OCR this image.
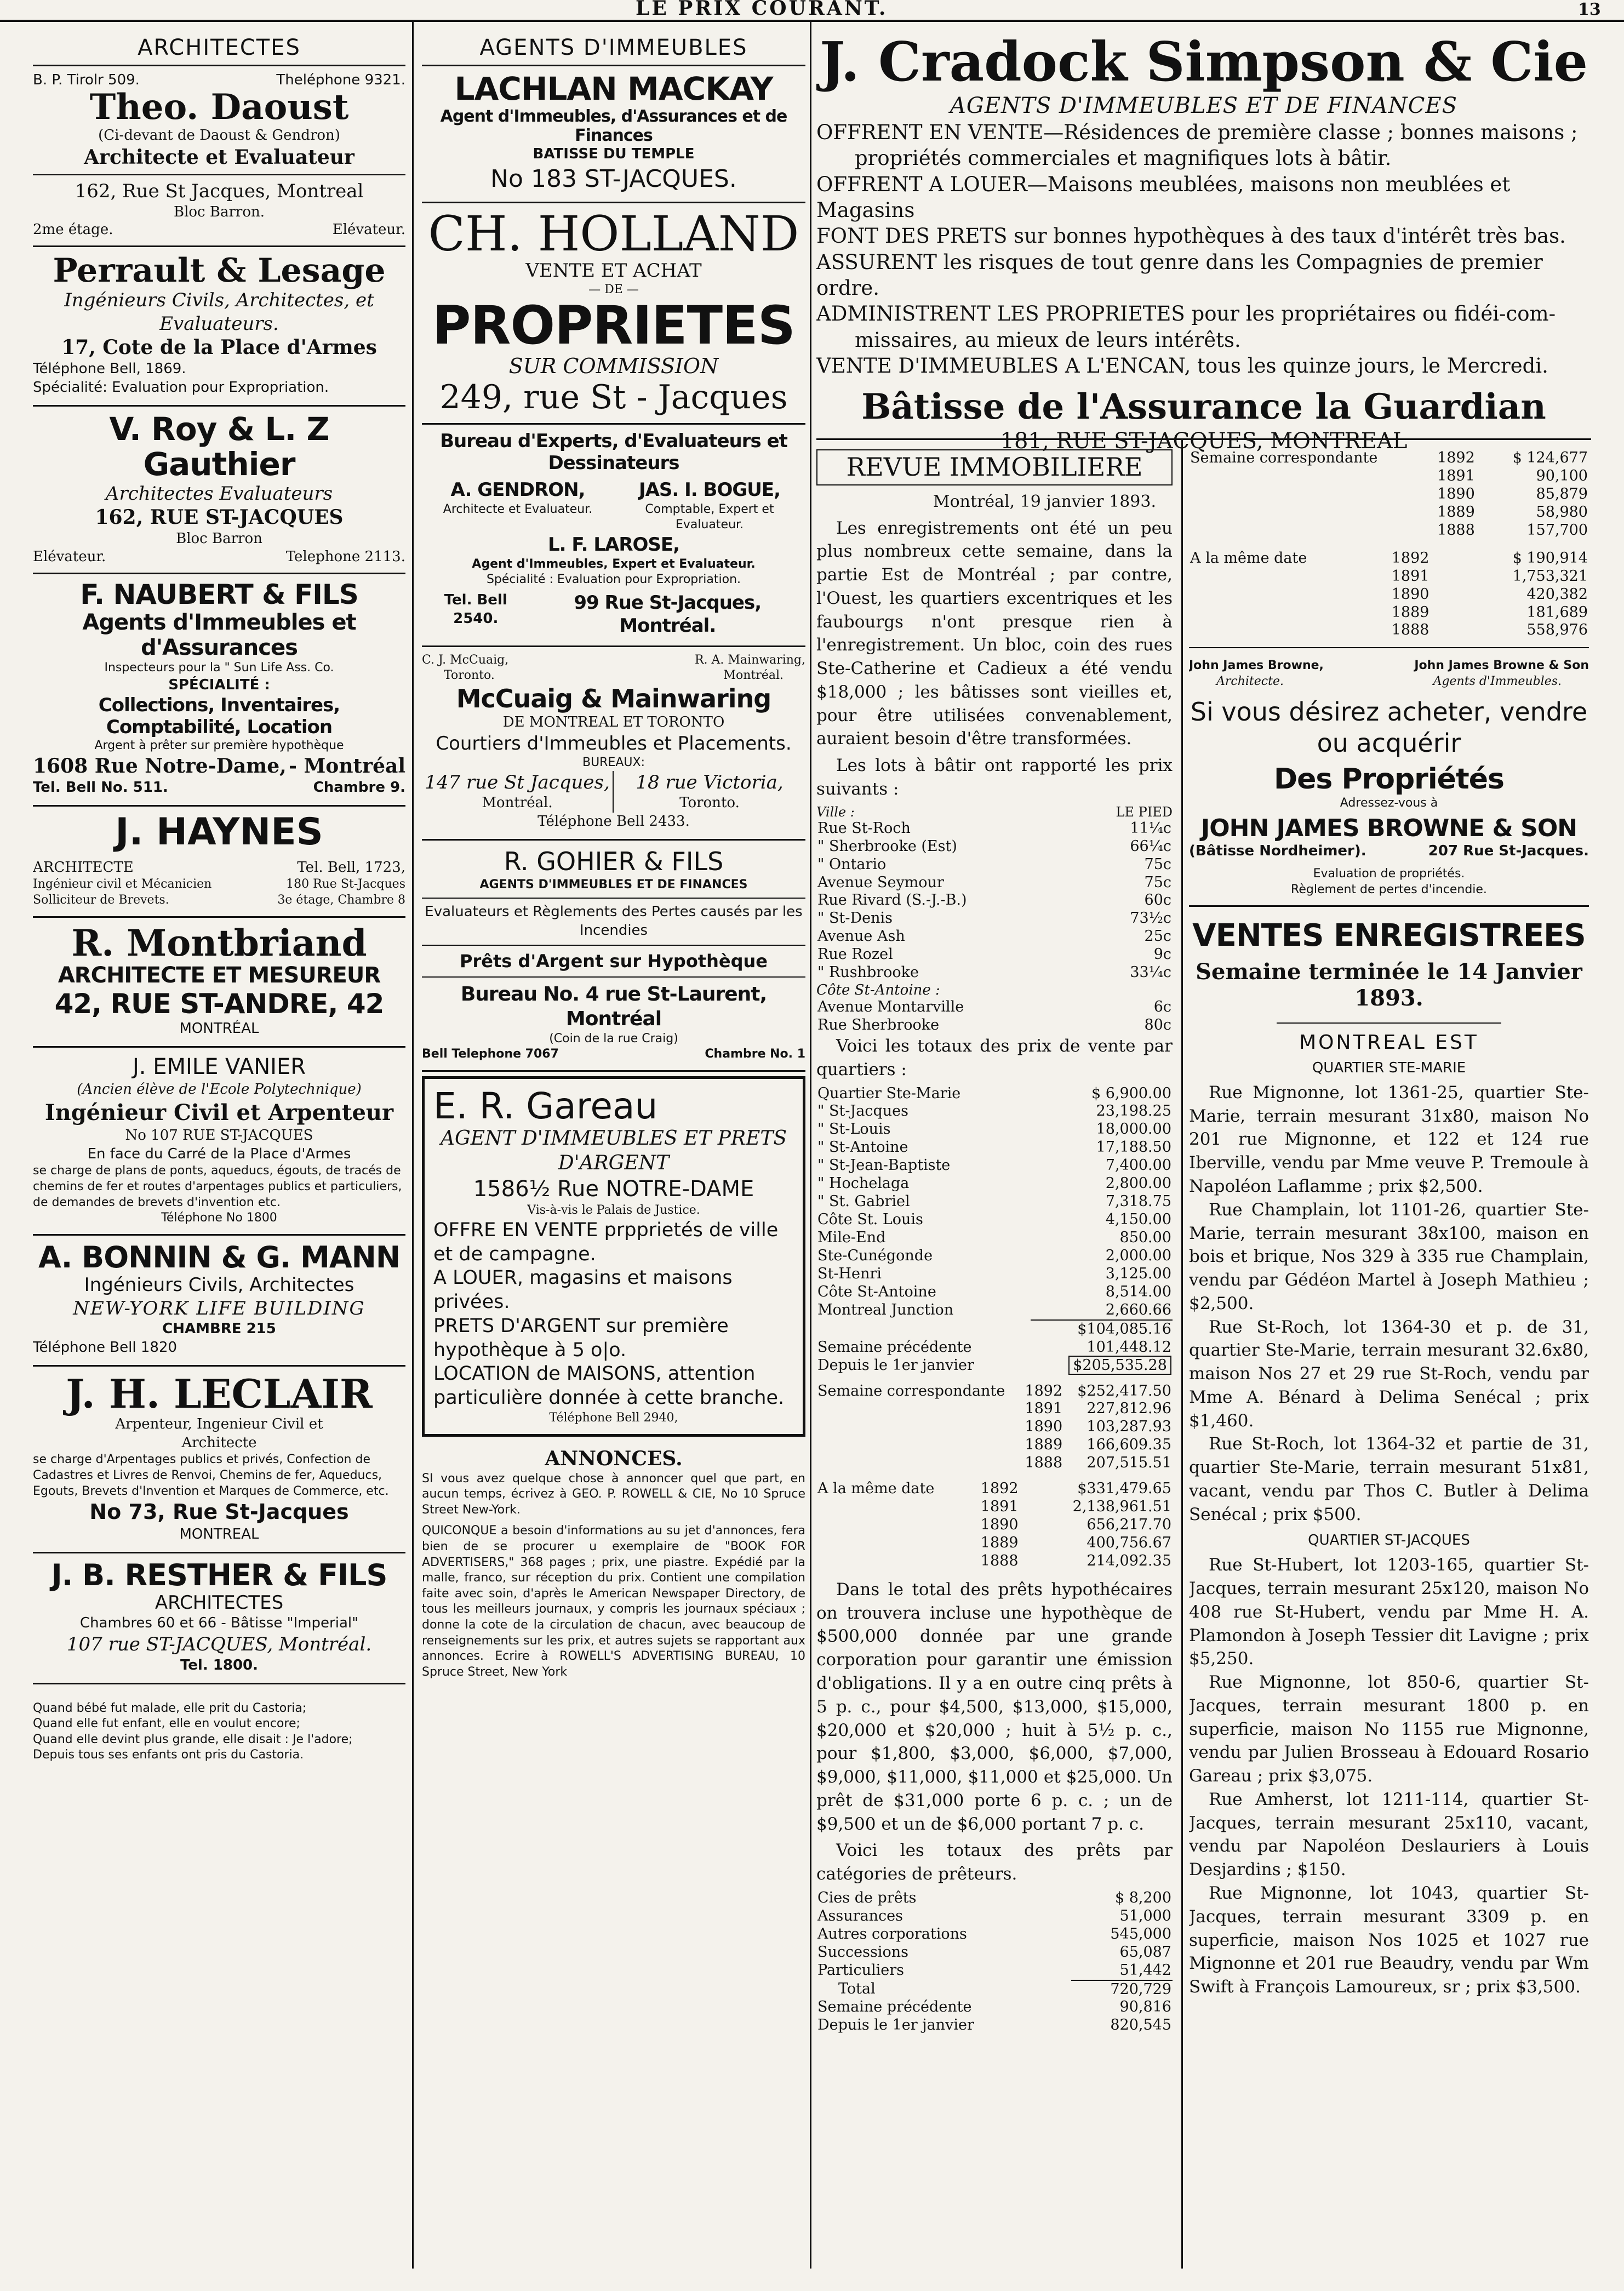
LE PRIX COURANT.	13
ARCHITECTES
B. P. Tirolr 509.	Theléphone 9321.
Theo. Daoust
(Ci-devant de Daoust & Gendron)
Architecte et Evaluateur
162, Rue St Jacques, Montreal
Bloc Barron.
2me étage.	Elévateur.
Perrault & Lesage
Ingénieurs Civils, Architectes, et Evaluateurs.
17, Cote de la Place d'Armes
Téléphone Bell, 1869.
Spécialité: Evaluation pour Expropriation.
V. Roy & L. Z Gauthier
Architectes Evaluateurs
162, RUE ST-JACQUES
Bloc Barron
Elévateur.	Telephone 2113.
F. NAUBERT & FILS
Agents d'Immeubles et d'Assurances
Inspecteurs pour la " Sun Life Ass. Co.
SPÉCIALITÉ :
Collections, Inventaires, Comptabilité, Location
Argent à prêter sur première hypothèque
1608 Rue Notre-Dame, - Montréal
Tel. Bell No. 511.	Chambre 9.
J. HAYNES
ARCHITECTE	Tel. Bell, 1723,
Ingénieur civil et Mécanicien	180 Rue St-Jacques
Solliciteur de Brevets.	3e étage, Chambre 8
R. Montbriand
ARCHITECTE ET MESUREUR
42, RUE ST-ANDRE, 42
MONTRÉAL
J. EMILE VANIER
(Ancien élève de l'Ecole Polytechnique)
Ingénieur Civil et Arpenteur
No 107 RUE ST-JACQUES
En face du Carré de la Place d'Armes
se charge de plans de ponts, aqueducs, égouts, de tracés de chemins de fer et routes d'arpentages publics et particuliers, de demandes de brevets d'invention etc.
Téléphone No 1800
A. BONNIN & G. MANN
Ingénieurs Civils, Architectes
NEW-YORK LIFE BUILDING
CHAMBRE 215
Téléphone Bell 1820
J. H. LECLAIR
Arpenteur, Ingenieur Civil et
Architecte
se charge d'Arpentages publics et privés, Confection de Cadastres et Livres de Renvoi, Chemins de fer, Aqueducs, Egouts, Brevets d'Invention et Marques de Commerce, etc.
No 73, Rue St-Jacques
MONTREAL
J. B. RESTHER & FILS
ARCHITECTES
Chambres 60 et 66 - Bâtisse "Imperial"
107 rue ST-JACQUES, Montréal.
Tel. 1800.
Quand bébé fut malade, elle prit du Castoria;
Quand elle fut enfant, elle en voulut encore;
Quand elle devint plus grande, elle disait : Je l'adore;
Depuis tous ses enfants ont pris du Castoria.
AGENTS D'IMMEUBLES
LACHLAN MACKAY
Agent d'Immeubles, d'Assurances et de Finances
BATISSE DU TEMPLE
No 183 ST-JACQUES.
CH. HOLLAND
VENTE ET ACHAT
— DE —
PROPRIETES
SUR COMMISSION
249, rue St - Jacques
Bureau d'Experts, d'Evaluateurs et Dessinateurs
A. GENDRON,
Architecte et Evaluateur.
JAS. I. BOGUE,
Comptable, Expert et Evaluateur.
L. F. LAROSE,
Agent d'Immeubles, Expert et Evaluateur.
Spécialité : Evaluation pour Expropriation.
Tel. Bell 2540.
99 Rue St-Jacques, Montréal.
C. J. McCuaig,	R. A. Mainwaring,
Toronto.	Montréal.
McCuaig & Mainwaring
DE MONTREAL ET TORONTO
Courtiers d'Immeubles et Placements.
BUREAUX:
147 rue St Jacques,
Montréal.
18 rue Victoria,
Toronto.
Téléphone Bell 2433.
R. GOHIER & FILS
AGENTS D'IMMEUBLES ET DE FINANCES
Evaluateurs et Règlements des Pertes causés par les Incendies
Prêts d'Argent sur Hypothèque
Bureau No. 4 rue St-Laurent, Montréal
(Coin de la rue Craig)
Bell Telephone 7067	Chambre No. 1
E. R. Gareau
AGENT D'IMMEUBLES ET PRETS D'ARGENT
1586½ Rue NOTRE-DAME
Vis-à-vis le Palais de Justice.
OFFRE EN VENTE prpprietés de ville et de campagne.
A LOUER, magasins et maisons privées.
PRETS D'ARGENT sur première hypothèque à 5 o|o.
LOCATION de MAISONS, attention particulière donnée à cette branche.
Téléphone Bell 2940,
ANNONCES.
SI vous avez quelque chose à annoncer quel que part, en aucun temps, écrivez à GEO. P. ROWELL & CIE, No 10 Spruce Street New-York.
QUICONQUE a besoin d'informations au su jet d'annonces, fera bien de se procurer u exemplaire de "BOOK FOR ADVERTISERS," 368 pages ; prix, une piastre. Expédié par la malle, franco, sur réception du prix. Contient une compilation faite avec soin, d'après le American Newspaper Directory, de tous les meilleurs journaux, y compris les journaux spéciaux ; donne la cote de la circulation de chacun, avec beaucoup de renseignements sur les prix, et autres sujets se rapportant aux annonces. Ecrire à ROWELL'S ADVERTISING BUREAU, 10 Spruce Street, New York
J. Cradock Simpson & Cie
AGENTS D'IMMEUBLES ET DE FINANCES
OFFRENT EN VENTE—Résidences de première classe ; bonnes maisons ;
propriétés commerciales et magnifiques lots à bâtir.
OFFRENT A LOUER—Maisons meublées, maisons non meublées et Magasins
FONT DES PRETS sur bonnes hypothèques à des taux d'intérêt très bas.
ASSURENT les risques de tout genre dans les Compagnies de premier ordre.
ADMINISTRENT LES PROPRIETES pour les propriétaires ou fidéi-com-
missaires, au mieux de leurs intérêts.
VENTE D'IMMEUBLES A L'ENCAN, tous les quinze jours, le Mercredi.
Bâtisse de l'Assurance la Guardian
181, RUE ST-JACQUES, MONTREAL
REVUE IMMOBILIERE
Montréal, 19 janvier 1893.

Les enregistrements ont été un peu plus nombreux cette semaine, dans la partie Est de Montréal ; par contre, l'Ouest, les quartiers excentriques et les faubourgs n'ont presque rien à l'enregistrement. Un bloc, coin des rues Ste-Catherine et Cadieux a été vendu $18,000 ; les bâtisses sont vieilles et, pour être utilisées convenablement, auraient besoin d'être transformées.

Les lots à bâtir ont rapporté les prix suivants :

Ville :	LE PIED
Rue St-Roch	11¼c
" Sherbrooke (Est)	66¼c
" Ontario	75c
Avenue Seymour	75c
Rue Rivard (S.-J.-B.)	60c
" St-Denis	73½c
Avenue Ash	25c
Rue Rozel	9c
" Rushbrooke	33¼c
Côte St-Antoine :
Avenue Montarville	6c
Rue Sherbrooke	80c

Voici les totaux des prix de vente par quartiers :

Quartier Ste-Marie	$ 6,900.00
" St-Jacques	23,198.25
" St-Louis	18,000.00
" St-Antoine	17,188.50
" St-Jean-Baptiste	7,400.00
" Hochelaga	2,800.00
" St. Gabriel	7,318.75
Côte St. Louis	4,150.00
Mile-End	850.00
Ste-Cunégonde	2,000.00
St-Henri	3,125.00
Côte St-Antoine	8,514.00
Montreal Junction	2,660.66
	$104,085.16
Semaine précédente	101,448.12
Depuis le 1er janvier	$205,535.28
Semaine correspondante	1892	$252,417.50
	1891	227,812.96
	1890	103,287.93
	1889	166,609.35
	1888	207,515.51
A la même date	1892	$331,479.65
	1891	2,138,961.51
	1890	656,217.70
	1889	400,756.67
	1888	214,092.35

Dans le total des prêts hypothécaires on trouvera incluse une hypothèque de $500,000 donnée par une grande corporation pour garantir une émission d'obligations. Il y a en outre cinq prêts à 5 p. c., pour $4,500, $13,000, $15,000, $20,000 et $20,000 ; huit à 5½ p. c., pour $1,800, $3,000, $6,000, $7,000, $9,000, $11,000, $11,000 et $25,000. Un prêt de $31,000 porte 6 p. c. ; un de $9,500 et un de $6,000 portant 7 p. c.

Voici les totaux des prêts par catégories de prêteurs.

Cies de prêts	$ 8,200
Assurances	51,000
Autres corporations	545,000
Successions	65,087
Particuliers	51,442
Total	720,729
Semaine précédente	90,816
Depuis le 1er janvier	820,545
Semaine correspondante	1892	$ 124,677
	1891	90,100
	1890	85,879
	1889	58,980
	1888	157,700
A la même date	1892	$ 190,914
	1891	1,753,321
	1890	420,382
	1889	181,689
	1888	558,976
John James Browne,	John James Browne & Son
Architecte.	Agents d'Immeubles.
Si vous désirez acheter, vendre ou acquérir
Des Propriétés
Adressez-vous à
JOHN JAMES BROWNE & SON
(Bâtisse Nordheimer).	207 Rue St-Jacques.
Evaluation de propriétés.
Règlement de pertes d'incendie.
VENTES ENREGISTREES
Semaine terminée le 14 Janvier 1893.
MONTREAL EST
QUARTIER STE-MARIE

Rue Mignonne, lot 1361-25, quartier Ste-Marie, terrain mesurant 31x80, maison No 201 rue Mignonne, et 122 et 124 rue Iberville, vendu par Mme veuve P. Tremoule à Napoléon Laflamme ; prix $2,500.

Rue Champlain, lot 1101-26, quartier Ste-Marie, terrain mesurant 38x100, maison en bois et brique, Nos 329 à 335 rue Champlain, vendu par Gédéon Martel à Joseph Mathieu ; $2,500.

Rue St-Roch, lot 1364-30 et p. de 31, quartier Ste-Marie, terrain mesurant 32.6x80, maison Nos 27 et 29 rue St-Roch, vendu par Mme A. Bénard à Delima Senécal ; prix $1,460.

Rue St-Roch, lot 1364-32 et partie de 31, quartier Ste-Marie, terrain mesurant 51x81, vacant, vendu par Thos C. Butler à Delima Senécal ; prix $500.

QUARTIER ST-JACQUES

Rue St-Hubert, lot 1203-165, quartier St-Jacques, terrain mesurant 25x120, maison No 408 rue St-Hubert, vendu par Mme H. A. Plamondon à Joseph Tessier dit Lavigne ; prix $5,250.

Rue Mignonne, lot 850-6, quartier St-Jacques, terrain mesurant 1800 p. en superficie, maison No 1155 rue Mignonne, vendu par Julien Brosseau à Edouard Rosario Gareau ; prix $3,075.

Rue Amherst, lot 1211-114, quartier St-Jacques, terrain mesurant 25x110, vacant, vendu par Napoléon Deslauriers à Louis Desjardins ; $150.

Rue Mignonne, lot 1043, quartier St-Jacques, terrain mesurant 3309 p. en superficie, maison Nos 1025 et 1027 rue Mignonne et 201 rue Beaudry, vendu par Wm Swift à François Lamoureux, sr ; prix $3,500.
